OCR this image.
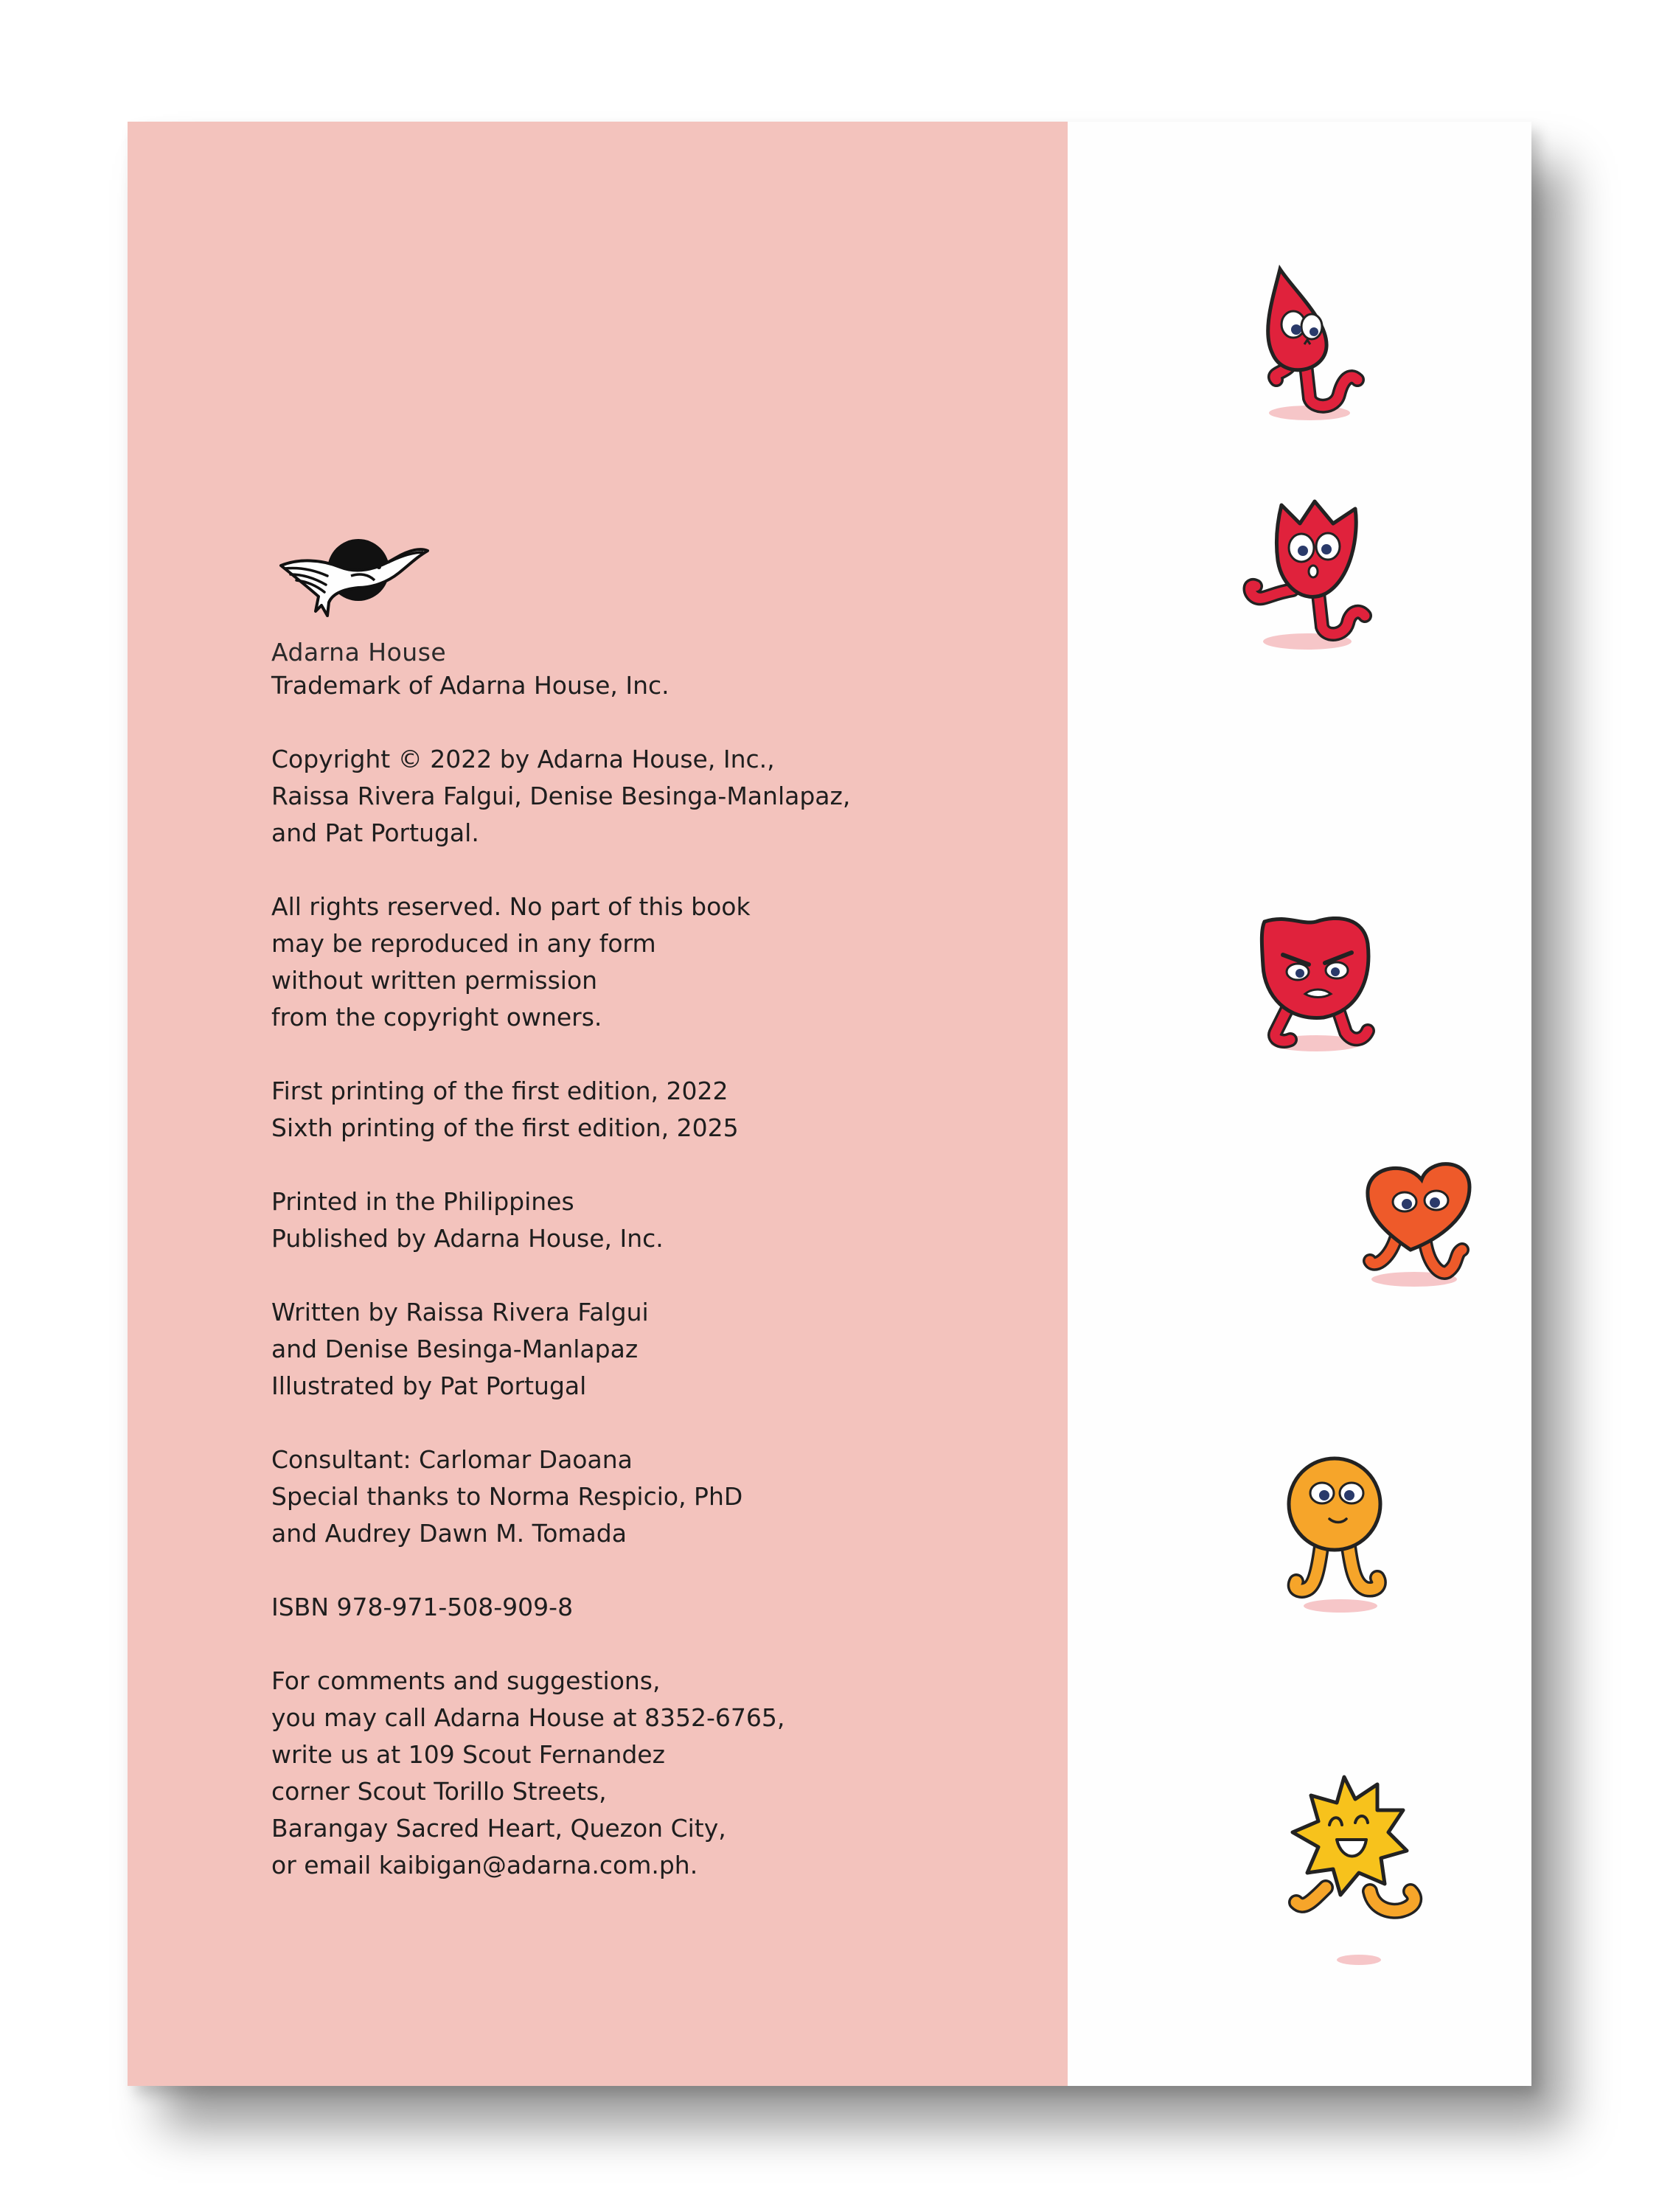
Adarna House
Trademark of Adarna House, Inc.
Copyright © 2022 by Adarna House, Inc.,
Raissa Rivera Falgui, Denise Besinga-Manlapaz,
and Pat Portugal.
All rights reserved. No part of this book
may be reproduced in any form
without written permission
from the copyright owners.
First printing of the first edition, 2022
Sixth printing of the first edition, 2025
Printed in the Philippines
Published by Adarna House, Inc.
Written by Raissa Rivera Falgui
and Denise Besinga-Manlapaz
Illustrated by Pat Portugal
Consultant: Carlomar Daoana
Special thanks to Norma Respicio, PhD
and Audrey Dawn M. Tomada
ISBN 978-971-508-909-8
For comments and suggestions,
you may call Adarna House at 8352-6765,
write us at 109 Scout Fernandez
corner Scout Torillo Streets,
Barangay Sacred Heart, Quezon City,
or email kaibigan@adarna.com.ph.
